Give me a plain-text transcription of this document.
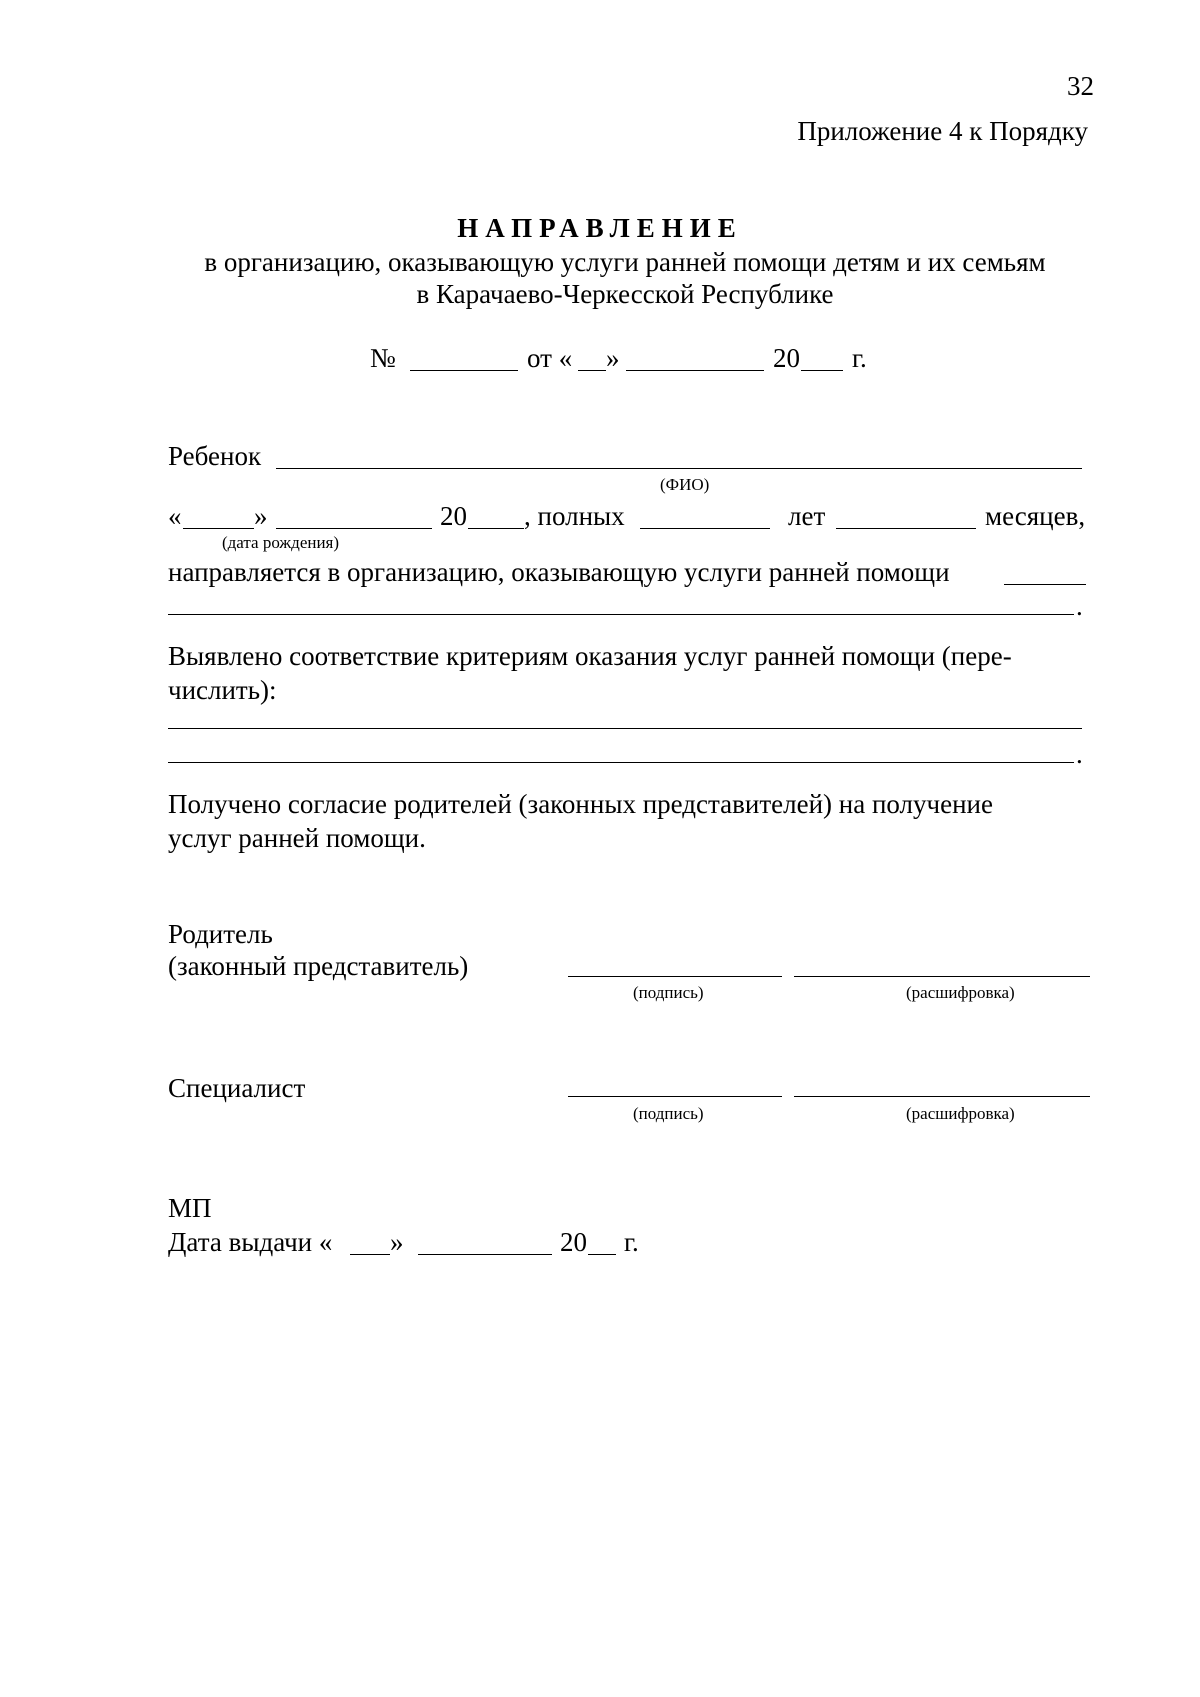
32
Приложение 4 к Порядку
НАПРАВЛЕНИЕ
в организацию, оказывающую услуги ранней помощи детям и их семьям
в Карачаево-Черкесской Республике
№	от « »	20 г.
Ребенок
(ФИО)
«	»	20 , полных	лет	месяцев,
(дата рождения)
направляется в организацию, оказывающую услуги ранней помощи
.
Выявлено соответствие критериям оказания услуг ранней помощи (пере-
числить):
.
Получено согласие родителей (законных представителей) на получение
услуг ранней помощи.
Родитель
(законный представитель)
(подпись)	(расшифровка)
Специалист
(подпись)	(расшифровка)
МП
Дата выдачи « »	20 г.
